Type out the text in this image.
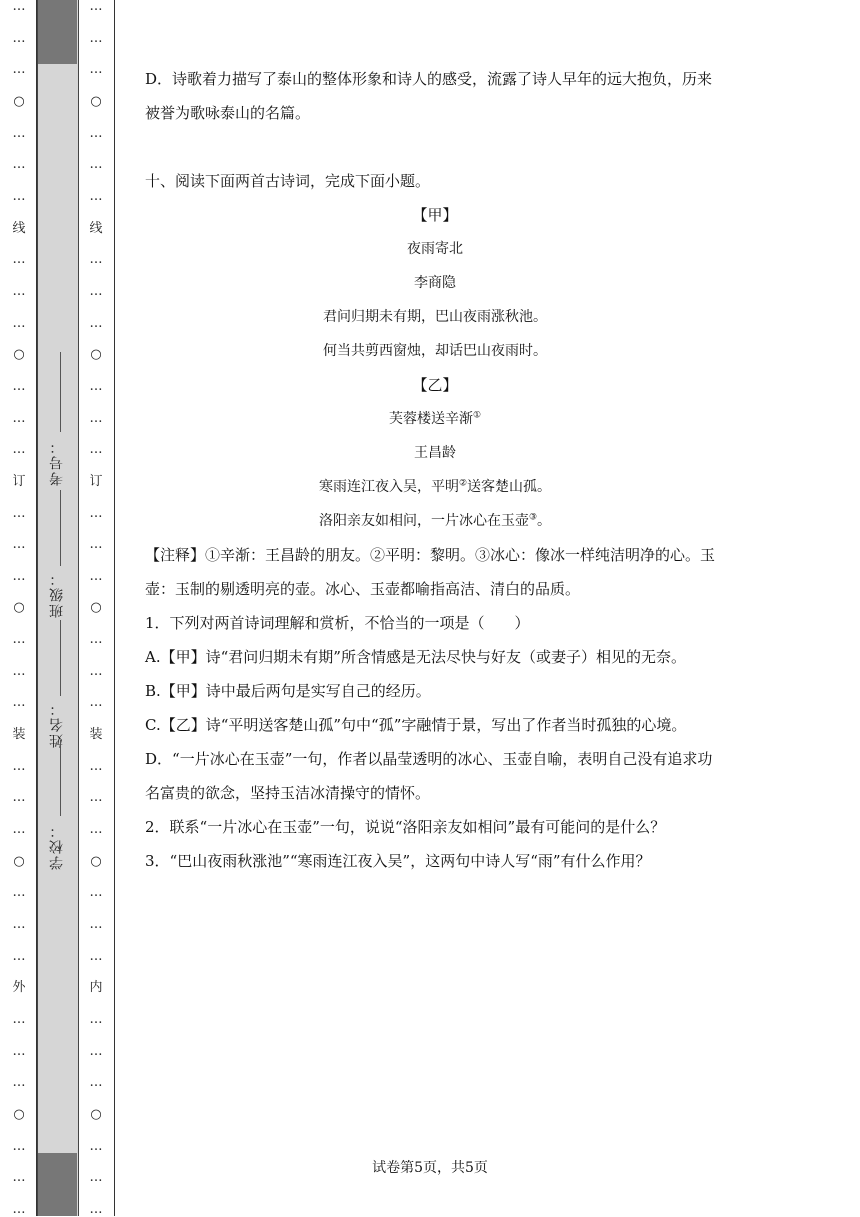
…
…
…
○
…
…
…
线
…
…
…
○
…
…
…
订
…
…
…
○
…
…
…
装
…
…
…
○
…
…
…
外
…
…
…
○
…
…
…
考号：
班级：
姓名：
学校：
…
…
…
○
…
…
…
线
…
…
…
○
…
…
…
订
…
…
…
○
…
…
…
装
…
…
…
○
…
…
…
内
…
…
…
○
…
…
…

D．诗歌着力描写了泰山的整体形象和诗人的感受，流露了诗人早年的远大抱负，历来

被誉为歌咏泰山的名篇。

十、阅读下面两首古诗词，完成下面小题。

【甲】

夜雨寄北

李商隐

君问归期未有期，巴山夜雨涨秋池。

何当共剪西窗烛，却话巴山夜雨时。

【乙】

芙蓉楼送辛渐①

王昌龄

寒雨连江夜入吴，平明②送客楚山孤。

洛阳亲友如相问，一片冰心在玉壶③。

【注释】①辛渐：王昌龄的朋友。②平明：黎明。③冰心：像冰一样纯洁明净的心。玉

壶：玉制的剔透明亮的壶。冰心、玉壶都喻指高洁、清白的品质。

1．下列对两首诗词理解和赏析，不恰当的一项是（　　）

A.【甲】诗“君问归期未有期”所含情感是无法尽快与好友（或妻子）相见的无奈。

B.【甲】诗中最后两句是实写自己的经历。

C.【乙】诗“平明送客楚山孤”句中“孤”字融情于景，写出了作者当时孤独的心境。

D．“一片冰心在玉壶”一句，作者以晶莹透明的冰心、玉壶自喻，表明自己没有追求功

名富贵的欲念，坚持玉洁冰清操守的情怀。

2．联系“一片冰心在玉壶”一句，说说“洛阳亲友如相问”最有可能问的是什么？

3．“巴山夜雨秋涨池”“寒雨连江夜入吴”，这两句中诗人写“雨”有什么作用？

试卷第5页，共5页
